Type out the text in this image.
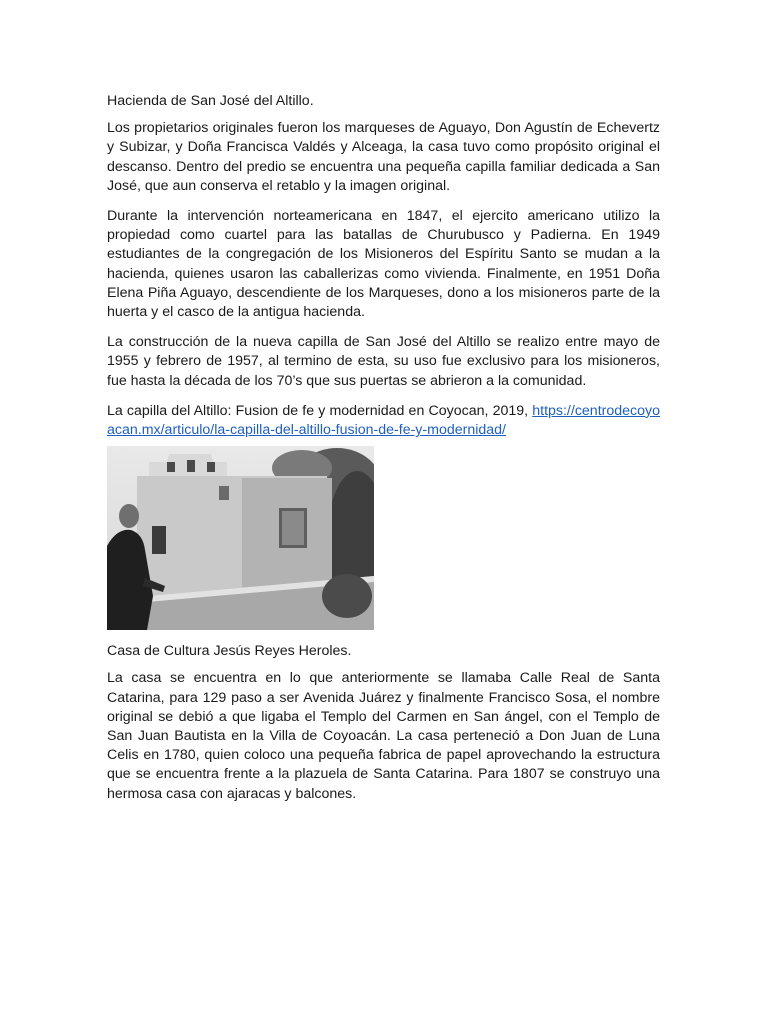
Hacienda de San José del Altillo.

Los propietarios originales fueron los marqueses de Aguayo, Don Agustín de Echevertz y Subizar, y Doña Francisca Valdés y Alceaga, la casa tuvo como propósito original el descanso. Dentro del predio se encuentra una pequeña capilla familiar dedicada a San José, que aun conserva el retablo y la imagen original.

Durante la intervención norteamericana en 1847, el ejercito americano utilizo la propiedad como cuartel para las batallas de Churubusco y Padierna. En 1949 estudiantes de la congregación de los Misioneros del Espíritu Santo se mudan a la hacienda, quienes usaron las caballerizas como vivienda. Finalmente, en 1951 Doña Elena Piña Aguayo, descendiente de los Marqueses, dono a los misioneros parte de la huerta y el casco de la antigua hacienda.

La construcción de la nueva capilla de San José del Altillo se realizo entre mayo de 1955 y febrero de 1957, al termino de esta, su uso fue exclusivo para los misioneros, fue hasta la década de los 70’s que sus puertas se abrieron a la comunidad.

La capilla del Altillo: Fusion de fe y modernidad en Coyocan, 2019, https://centrodecoyoacan.mx/articulo/la-capilla-del-altillo-fusion-de-fe-y-modernidad/

Casa de Cultura Jesús Reyes Heroles.

La casa se encuentra en lo que anteriormente se llamaba Calle Real de Santa Catarina, para 129 paso a ser Avenida Juárez y finalmente Francisco Sosa, el nombre original se debió a que ligaba el Templo del Carmen en San ángel, con el Templo de San Juan Bautista en la Villa de Coyoacán. La casa perteneció a Don Juan de Luna Celis en 1780, quien coloco una pequeña fabrica de papel aprovechando la estructura que se encuentra frente a la plazuela de Santa Catarina. Para 1807 se construyo una hermosa casa con ajaracas y balcones.
